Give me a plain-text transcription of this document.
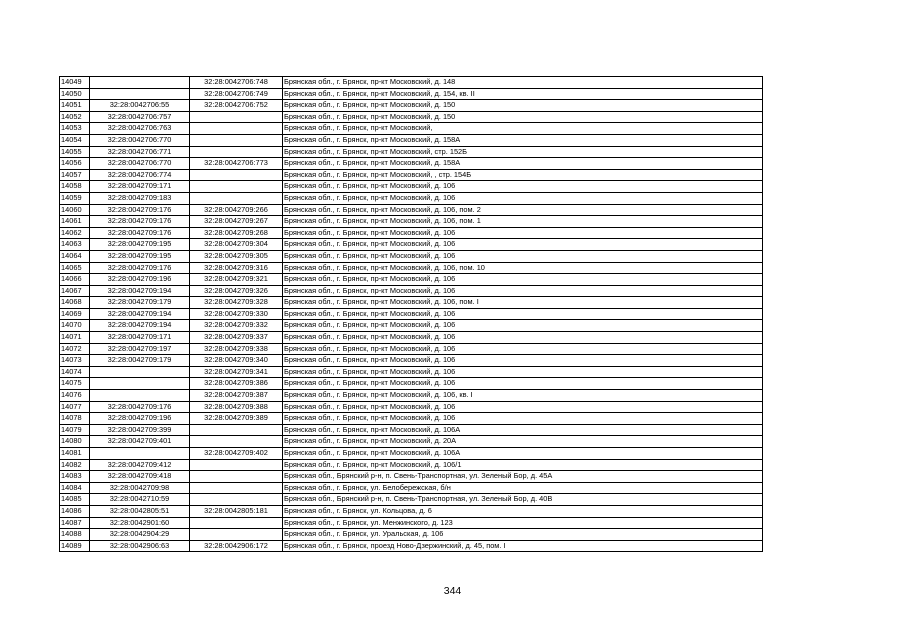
14049		32:28:0042706:748	Брянская обл., г. Брянск, пр-кт Московский, д. 148
14050		32:28:0042706:749	Брянская обл., г. Брянск, пр-кт Московский, д. 154, кв. II
14051	32:28:0042706:55	32:28:0042706:752	Брянская обл., г. Брянск, пр-кт Московский, д. 150
14052	32:28:0042706:757		Брянская обл., г. Брянск, пр-кт Московский, д. 150
14053	32:28:0042706:763		Брянская обл., г. Брянск, пр-кт Московский,
14054	32:28:0042706:770		Брянская обл., г. Брянск, пр-кт Московский, д. 158А
14055	32:28:0042706:771		Брянская обл., г. Брянск, пр-кт Московский, стр. 152Б
14056	32:28:0042706:770	32:28:0042706:773	Брянская обл., г. Брянск, пр-кт Московский, д. 158А
14057	32:28:0042706:774		Брянская обл., г. Брянск, пр-кт Московский, , стр. 154Б
14058	32:28:0042709:171		Брянская обл., г. Брянск, пр-кт Московский, д. 106
14059	32:28:0042709:183		Брянская обл., г. Брянск, пр-кт Московский, д. 106
14060	32:28:0042709:176	32:28:0042709:266	Брянская обл., г. Брянск, пр-кт Московский, д. 106, пом. 2
14061	32:28:0042709:176	32:28:0042709:267	Брянская обл., г. Брянск, пр-кт Московский, д. 106, пом. 1
14062	32:28:0042709:176	32:28:0042709:268	Брянская обл., г. Брянск, пр-кт Московский, д. 106
14063	32:28:0042709:195	32:28:0042709:304	Брянская обл., г. Брянск, пр-кт Московский, д. 106
14064	32:28:0042709:195	32:28:0042709:305	Брянская обл., г. Брянск, пр-кт Московский, д. 106
14065	32:28:0042709:176	32:28:0042709:316	Брянская обл., г. Брянск, пр-кт Московский, д. 106, пом. 10
14066	32:28:0042709:196	32:28:0042709:321	Брянская обл., г. Брянск, пр-кт Московский, д. 106
14067	32:28:0042709:194	32:28:0042709:326	Брянская обл., г. Брянск, пр-кт Московский, д. 106
14068	32:28:0042709:179	32:28:0042709:328	Брянская обл., г. Брянск, пр-кт Московский, д. 106, пом. I
14069	32:28:0042709:194	32:28:0042709:330	Брянская обл., г. Брянск, пр-кт Московский, д. 106
14070	32:28:0042709:194	32:28:0042709:332	Брянская обл., г. Брянск, пр-кт Московский, д. 106
14071	32:28:0042709:171	32:28:0042709:337	Брянская обл., г. Брянск, пр-кт Московский, д. 106
14072	32:28:0042709:197	32:28:0042709:338	Брянская обл., г. Брянск, пр-кт Московский, д. 106
14073	32:28:0042709:179	32:28:0042709:340	Брянская обл., г. Брянск, пр-кт Московский, д. 106
14074		32:28:0042709:341	Брянская обл., г. Брянск, пр-кт Московский, д. 106
14075		32:28:0042709:386	Брянская обл., г. Брянск, пр-кт Московский, д. 106
14076		32:28:0042709:387	Брянская обл., г. Брянск, пр-кт Московский, д. 106, кв. I
14077	32:28:0042709:176	32:28:0042709:388	Брянская обл., г. Брянск, пр-кт Московский, д. 106
14078	32:28:0042709:196	32:28:0042709:389	Брянская обл., г. Брянск, пр-кт Московский, д. 106
14079	32:28:0042709:399		Брянская обл., г. Брянск, пр-кт Московский, д. 106А
14080	32:28:0042709:401		Брянская обл., г. Брянск, пр-кт Московский, д. 20А
14081		32:28:0042709:402	Брянская обл., г. Брянск, пр-кт Московский, д. 106А
14082	32:28:0042709:412		Брянская обл., г. Брянск, пр-кт Московский, д. 106/1
14083	32:28:0042709:418		Брянская обл., Брянский р-н, п. Свень-Транспортная, ул. Зеленый Бор, д. 45А
14084	32:28:0042709:98		Брянская обл., г. Брянск, ул. Белобережская, б/н
14085	32:28:0042710:59		Брянская обл., Брянский р-н, п. Свень-Транспортная, ул. Зеленый Бор, д. 40В
14086	32:28:0042805:51	32:28:0042805:181	Брянская обл., г. Брянск, ул. Кольцова, д. 6
14087	32:28:0042901:60		Брянская обл., г. Брянск, ул. Менжинского, д. 123
14088	32:28:0042904:29		Брянская обл., г. Брянск, ул. Уральская, д. 106
14089	32:28:0042906:63	32:28:0042906:172	Брянская обл., г. Брянск, проезд Ново-Дзержинский, д. 45, пом. I
344
